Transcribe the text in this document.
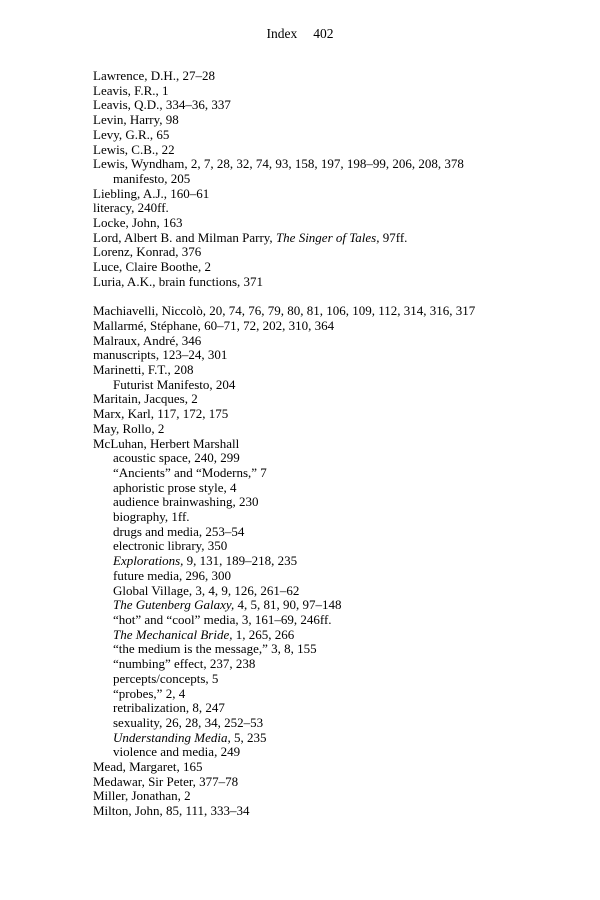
Index 402
Lawrence, D.H., 27–28
Leavis, F.R., 1
Leavis, Q.D., 334–36, 337
Levin, Harry, 98
Levy, G.R., 65
Lewis, C.B., 22
Lewis, Wyndham, 2, 7, 28, 32, 74, 93, 158, 197, 198–99, 206, 208, 378
manifesto, 205
Liebling, A.J., 160–61
literacy, 240ff.
Locke, John, 163
Lord, Albert B. and Milman Parry, The Singer of Tales, 97ff.
Lorenz, Konrad, 376
Luce, Claire Boothe, 2
Luria, A.K., brain functions, 371
Machiavelli, Niccolò, 20, 74, 76, 79, 80, 81, 106, 109, 112, 314, 316, 317
Mallarmé, Stéphane, 60–71, 72, 202, 310, 364
Malraux, André, 346
manuscripts, 123–24, 301
Marinetti, F.T., 208
Futurist Manifesto, 204
Maritain, Jacques, 2
Marx, Karl, 117, 172, 175
May, Rollo, 2
McLuhan, Herbert Marshall
acoustic space, 240, 299
“Ancients” and “Moderns,” 7
aphoristic prose style, 4
audience brainwashing, 230
biography, 1ff.
drugs and media, 253–54
electronic library, 350
Explorations, 9, 131, 189–218, 235
future media, 296, 300
Global Village, 3, 4, 9, 126, 261–62
The Gutenberg Galaxy, 4, 5, 81, 90, 97–148
“hot” and “cool” media, 3, 161–69, 246ff.
The Mechanical Bride, 1, 265, 266
“the medium is the message,” 3, 8, 155
“numbing” effect, 237, 238
percepts/concepts, 5
“probes,” 2, 4
retribalization, 8, 247
sexuality, 26, 28, 34, 252–53
Understanding Media, 5, 235
violence and media, 249
Mead, Margaret, 165
Medawar, Sir Peter, 377–78
Miller, Jonathan, 2
Milton, John, 85, 111, 333–34
